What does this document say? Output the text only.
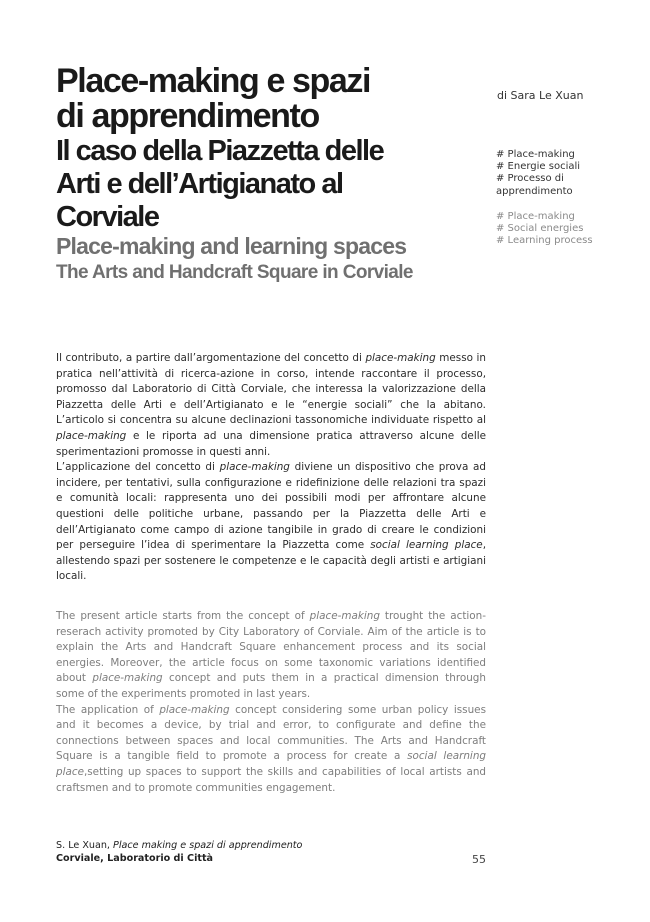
Place-making e spazi
di apprendimento
Il caso della Piazzetta delle
Arti e dell’Artigianato al
Corviale
Place-making and learning spaces
The Arts and Handcraft Square in Corviale
di Sara Le Xuan
# Place-making
# Energie sociali
# Processo di
apprendimento
# Place-making
# Social energies
# Learning process

Il contributo, a partire dall’argomentazione del concetto di place-making messo in pratica nell’attività di ricerca-azione in corso, intende raccontare il processo, promosso dal Laboratorio di Città Corviale, che interessa la valorizzazione della Piazzetta delle Arti e dell’Artigianato e le “energie sociali” che la abitano. L’articolo si concentra su alcune declinazioni tassonomiche individuate rispetto al place-making e le riporta ad una dimensione pratica attraverso alcune delle sperimentazioni promosse in questi anni.

L’applicazione del concetto di place-making diviene un dispositivo che prova ad incidere, per tentativi, sulla configurazione e ridefinizione delle relazioni tra spazi e comunità locali: rappresenta uno dei possibili modi per affrontare alcune questioni delle politiche urbane, passando per la Piazzetta delle Arti e dell’Artigianato come campo di azione tangibile in grado di creare le condizioni per perseguire l’idea di sperimentare la Piazzetta come social learning place, allestendo spazi per sostenere le competenze e le capacità degli artisti e artigiani locali.

The present article starts from the concept of place-making trought the action-reserach activity promoted by City Laboratory of Corviale. Aim of the article is to explain the Arts and Handcraft Square enhancement process and its social energies. Moreover, the article focus on some taxonomic variations identified about place-making concept and puts them in a practical dimension through some of the experiments promoted in last years.

The application of place-making concept considering some urban policy issues and it becomes a device, by trial and error, to configurate and define the connections between spaces and local communities. The Arts and Handcraft Square is a tangible field to promote a process for create a social learning place,setting up spaces to support the skills and capabilities of local artists and craftsmen and to promote communities engagement.

S. Le Xuan, Place making e spazi di apprendimento
Corviale, Laboratorio di Città	55
